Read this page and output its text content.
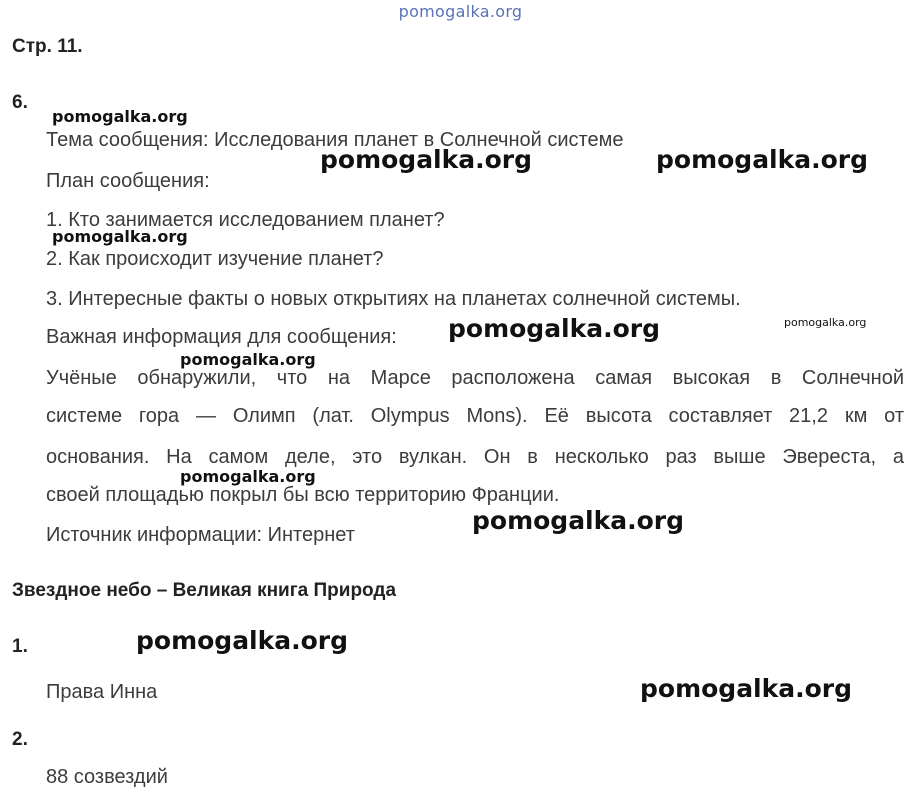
pomogalka.org
Стр. 11.
6.
Тема сообщения: Исследования планет в Солнечной системе
План сообщения:
1. Кто занимается исследованием планет?
2. Как происходит изучение планет?
3. Интересные факты о новых открытиях на планетах солнечной системы.
Важная информация для сообщения:
Учёные обнаружили, что на Марсе расположена самая высокая в Солнечной
системе гора — Олимп (лат. Olympus Mons). Её высота составляет 21,2 км от
основания. На самом деле, это вулкан. Он в несколько раз выше Эвереста, а
своей площадью покрыл бы всю территорию Франции.
Источник информации: Интернет
Звездное небо – Великая книга Природа
1.
Права Инна
2.
88 созвездий
pomogalka.org
pomogalka.org	pomogalka.org
pomogalka.org
pomogalka.org	pomogalka.org
pomogalka.org
pomogalka.org
pomogalka.org
pomogalka.org
pomogalka.org
